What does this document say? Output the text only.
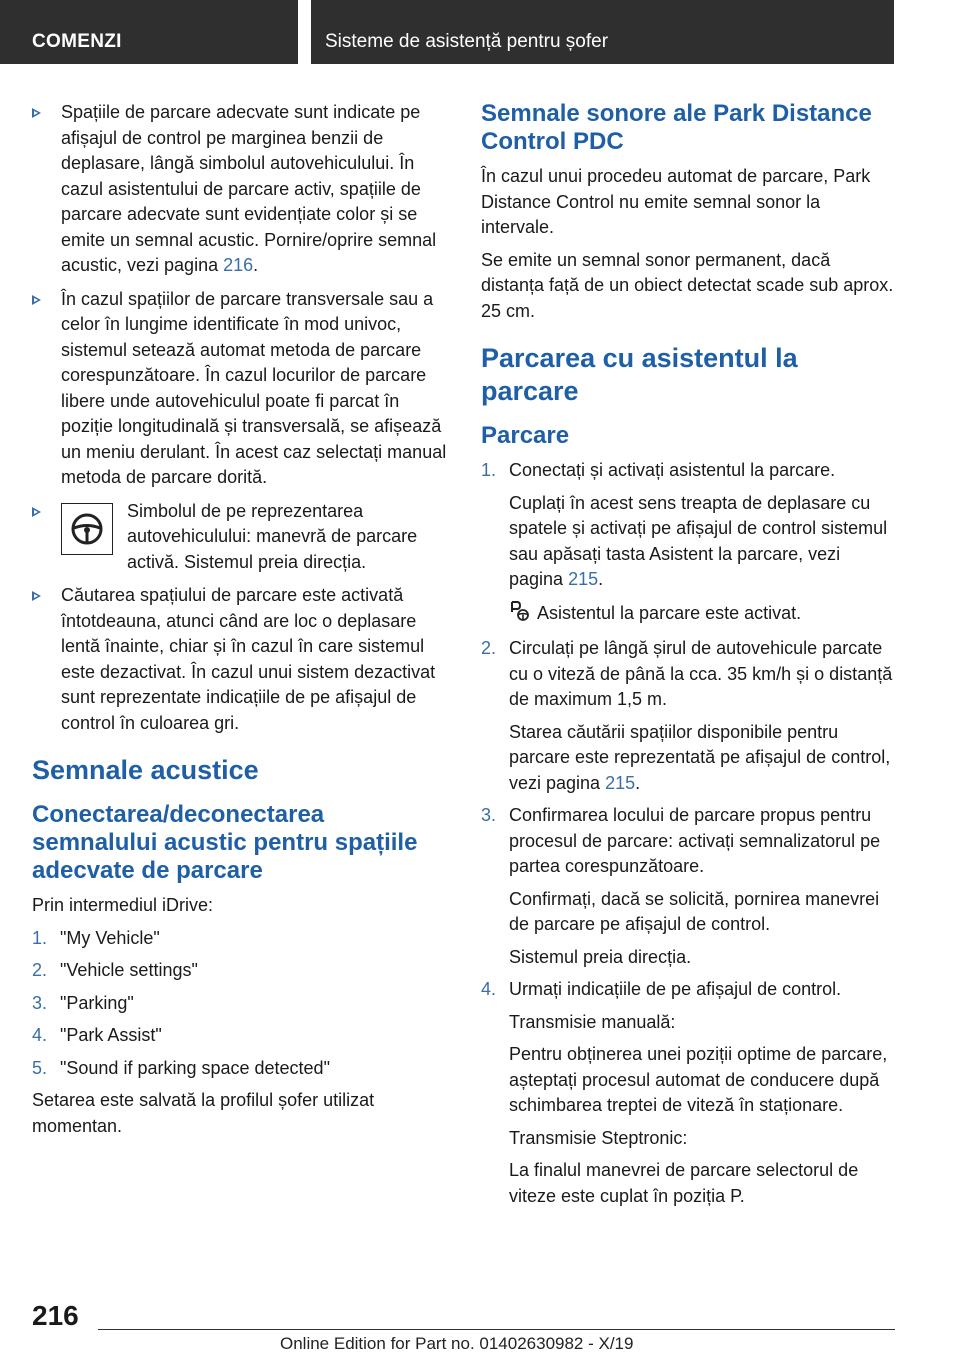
COMENZI	Sisteme de asistență pentru șofer
Spațiile de parcare adecvate sunt indicate pe afișajul de control pe marginea benzii de deplasare, lângă simbolul autovehiculului. În cazul asistentului de parcare activ, spațiile de parcare adecvate sunt evidențiate color și se emite un semnal acustic. Pornire/oprire semnal acustic, vezi pagina 216.
În cazul spațiilor de parcare transversale sau a celor în lungime identificate în mod univoc, sistemul setează automat metoda de parcare corespunzătoare. În cazul locurilor de parcare libere unde autovehiculul poate fi parcat în poziție longitudinală și transversală, se afișează un meniu derulant. În acest caz selectați manual metoda de parcare dorită.
Simbolul de pe reprezentarea autovehiculului: manevră de parcare activă. Sistemul preia direcția.
Căutarea spațiului de parcare este activată întotdeauna, atunci când are loc o deplasare lentă înainte, chiar și în cazul în care sistemul este dezactivat. În cazul unui sistem dezactivat sunt reprezentate indicațiile de pe afișajul de control în culoarea gri.
Semnale acustice
Conectarea/deconectarea semnalului acustic pentru spațiile adecvate de parcare

Prin intermediul iDrive:

1. "My Vehicle"
2. "Vehicle settings"
3. "Parking"
4. "Park Assist"
5. "Sound if parking space detected"

Setarea este salvată la profilul șofer utilizat momentan.

Semnale sonore ale Park Distance Control PDC

În cazul unui procedeu automat de parcare, Park Distance Control nu emite semnal sonor la intervale.

Se emite un semnal sonor permanent, dacă distanța față de un obiect detectat scade sub aprox. 25 cm.

Parcarea cu asistentul la parcare
Parcare
1. Conectați și activați asistentul la parcare.
Cuplați în acest sens treapta de deplasare cu spatele și activați pe afișajul de control sistemul sau apăsați tasta Asistent la parcare, vezi pagina 215.
Asistentul la parcare este activat.
2. Circulați pe lângă șirul de autovehicule parcate cu o viteză de până la cca. 35 km/h și o distanță de maximum 1,5 m.
Starea căutării spațiilor disponibile pentru parcare este reprezentată pe afișajul de control, vezi pagina 215.
3. Confirmarea locului de parcare propus pentru procesul de parcare: activați semnalizatorul pe partea corespunzătoare.
Confirmați, dacă se solicită, pornirea manevrei de parcare pe afișajul de control.
Sistemul preia direcția.
4. Urmați indicațiile de pe afișajul de control.
Transmisie manuală:
Pentru obținerea unei poziții optime de parcare, așteptați procesul automat de conducere după schimbarea treptei de viteză în staționare.
Transmisie Steptronic:
La finalul manevrei de parcare selectorul de viteze este cuplat în poziția P.
216
Online Edition for Part no. 01402630982 - X/19
